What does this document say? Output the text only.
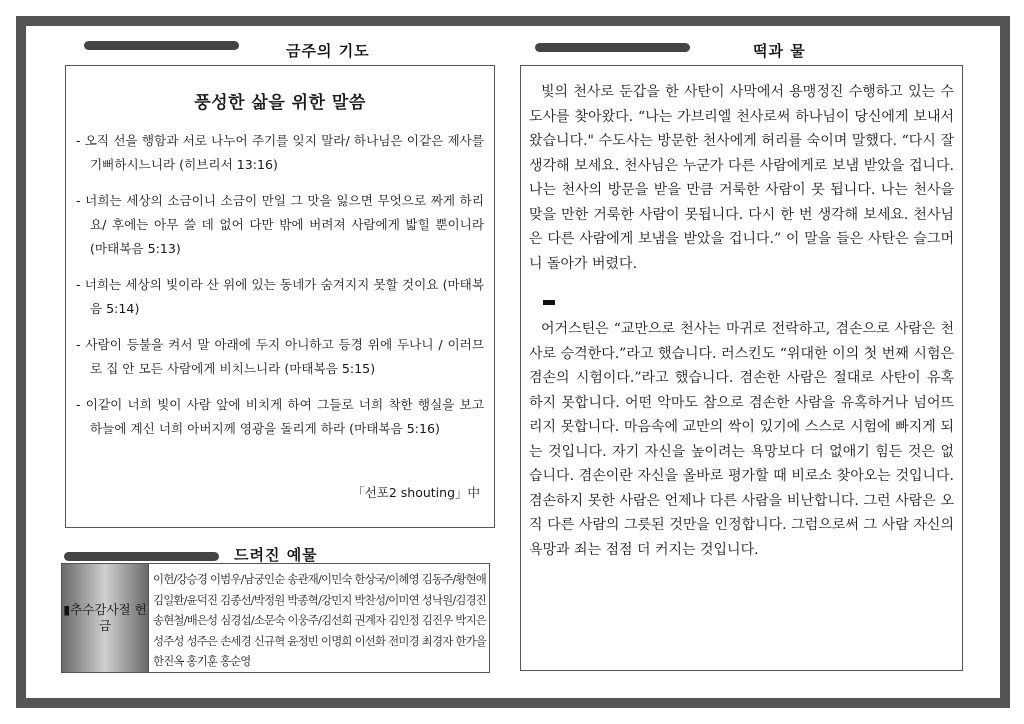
금주의 기도	떡과 물
풍성한 삶을 위한 말씀

- 오직 선을 행함과 서로 나누어 주기를 잊지 말라/ 하나님은 이같은 제사를 기뻐하시느니라 (히브리서 13:16)

- 너희는 세상의 소금이니 소금이 만일 그 맛을 잃으면 무엇으로 짜게 하리요/ 후에는 아무 쓸 데 없어 다만 밖에 버려져 사람에게 밟힐 뿐이니라 (마태복음 5:13)

- 너희는 세상의 빛이라 산 위에 있는 동네가 숨겨지지 못할 것이요 (마태복음 5:14)

- 사람이 등불을 켜서 말 아래에 두지 아니하고 등경 위에 두나니 / 이러므로 집 안 모든 사람에게 비치느니라 (마태복음 5:15)

- 이같이 너희 빛이 사람 앞에 비치게 하여 그들로 너희 착한 행실을 보고 하늘에 계신 너희 아버지께 영광을 돌리게 하라 (마태복음 5:16)

「선포2 shouting」中
드려진 예물
▮추수감사절 헌금
이헌/강승경 이범우/남궁인순 송관재/이민숙 한상국/이혜영 김동주/황현애 김일환/윤덕진 김종선/박정원 박종혁/강민지 박찬성/이미연 성낙원/김경진 송현철/배은성 심경섭/소문숙 이웅주/김선희 권계자 김인정 김진우 박지은 성주성 성주은 손세경 신규혁 윤정빈 이명희 이선화 전미경 최경자 한가을 한진옥 홍기훈 홍순영

빛의 천사로 둔갑을 한 사탄이 사막에서 용맹정진 수행하고 있는 수도사를 찾아왔다. “나는 가브리엘 천사로써 하나님이 당신에게 보내서 왔습니다." 수도사는 방문한 천사에게 허리를 숙이며 말했다. “다시 잘 생각해 보세요. 천사님은 누군가 다른 사람에게로 보냄 받았을 겁니다. 나는 천사의 방문을 받을 만큼 거룩한 사람이 못 됩니다. 나는 천사을 맞을 만한 거룩한 사람이 못됩니다. 다시 한 번 생각해 보세요. 천사님은 다른 사람에게 보냄을 받았을 겁니다.” 이 말을 들은 사탄은 슬그머니 돌아가 버렸다.

어거스틴은 “교만으로 천사는 마귀로 전락하고, 겸손으로 사람은 천사로 승격한다.”라고 했습니다. 러스킨도 “위대한 이의 첫 번째 시험은 겸손의 시험이다.”라고 했습니다. 겸손한 사람은 절대로 사탄이 유혹하지 못합니다. 어떤 악마도 참으로 겸손한 사람을 유혹하거나 넘어뜨리지 못합니다. 마음속에 교만의 싹이 있기에 스스로 시험에 빠지게 되는 것입니다. 자기 자신을 높이려는 욕망보다 더 없애기 힘든 것은 없습니다. 겸손이란 자신을 올바로 평가할 때 비로소 찾아오는 것입니다. 겸손하지 못한 사람은 언제나 다른 사람을 비난합니다. 그런 사람은 오직 다른 사람의 그릇된 것만을 인정합니다. 그럼으로써 그 사람 자신의 욕망과 죄는 점점 더 커지는 것입니다.
